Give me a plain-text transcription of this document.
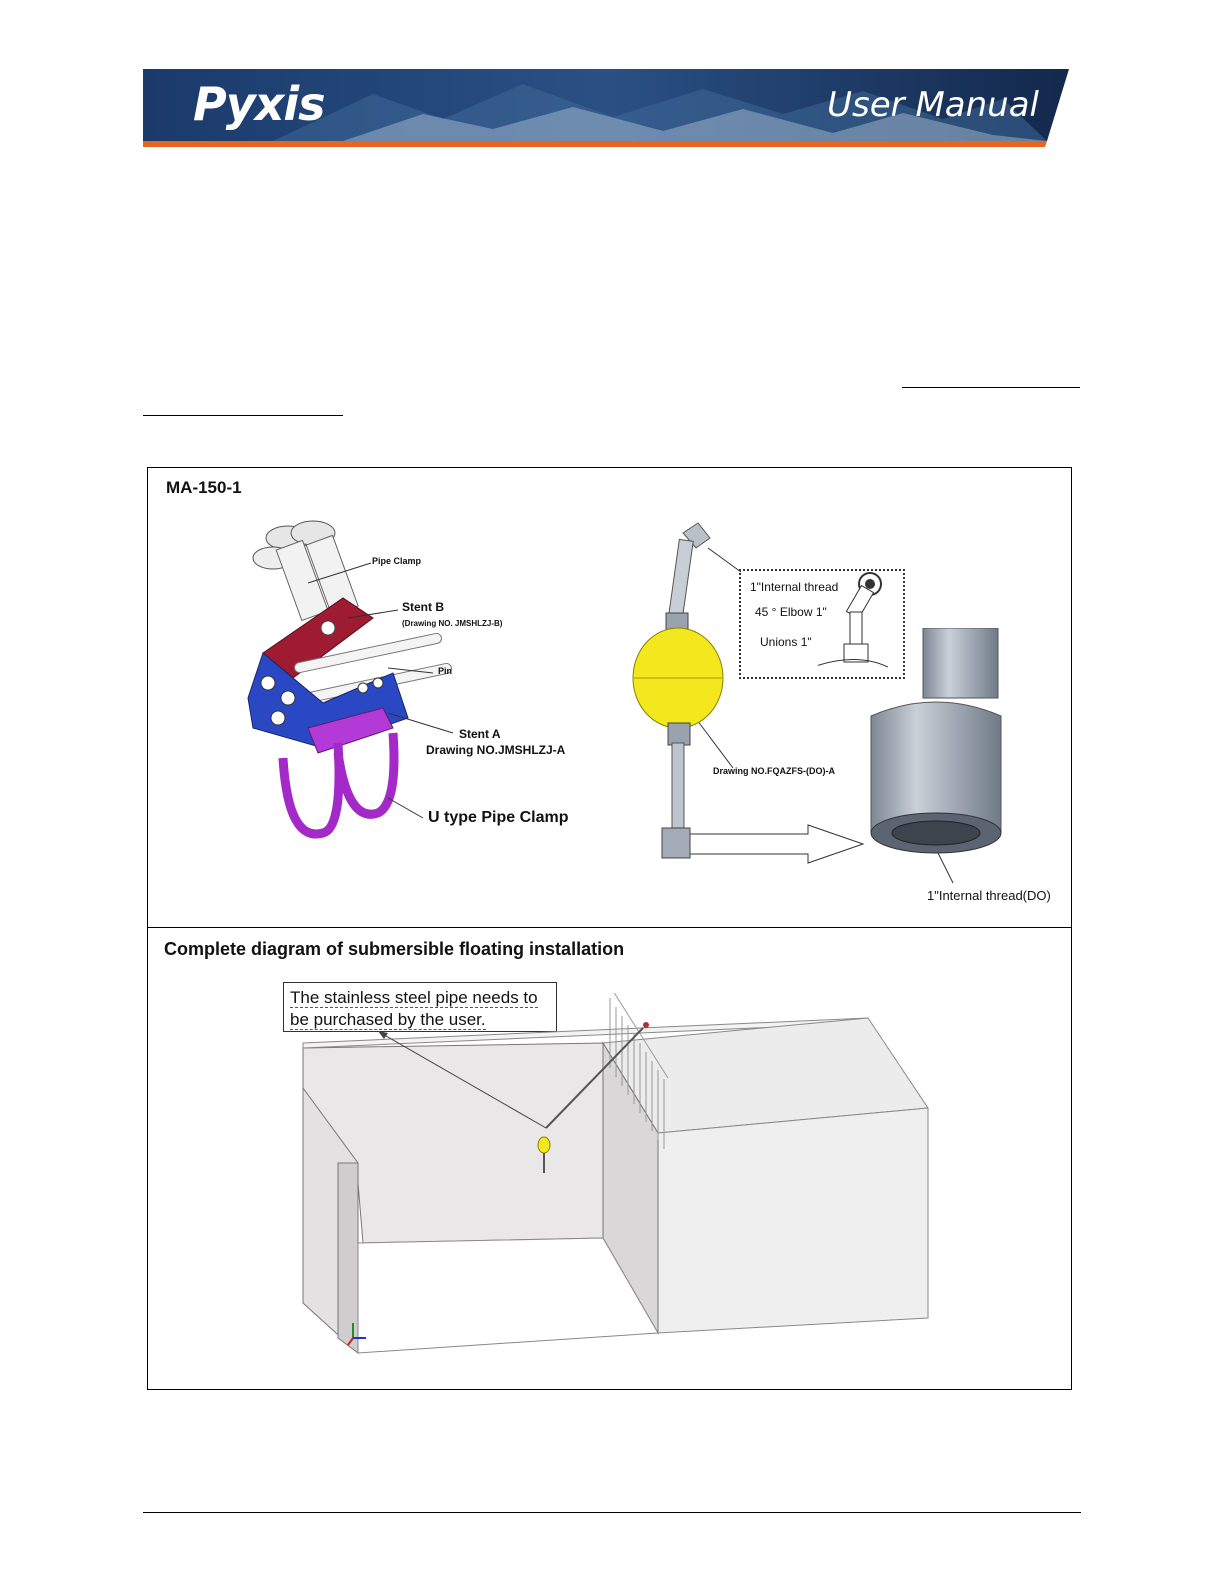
Pyxis	User Manual
MA-150-1
Pipe Clamp
Stent B
(Drawing NO. JMSHLZJ-B)
Pin
Stent A
Drawing NO.JMSHLZJ-A
U type Pipe Clamp
1"Internal thread
45 ° Elbow 1"
Unions 1"
Drawing NO.FQAZFS-(DO)-A
1"Internal thread(DO)
Complete diagram of submersible floating installation
The stainless steel pipe needs to
be purchased by the user.
